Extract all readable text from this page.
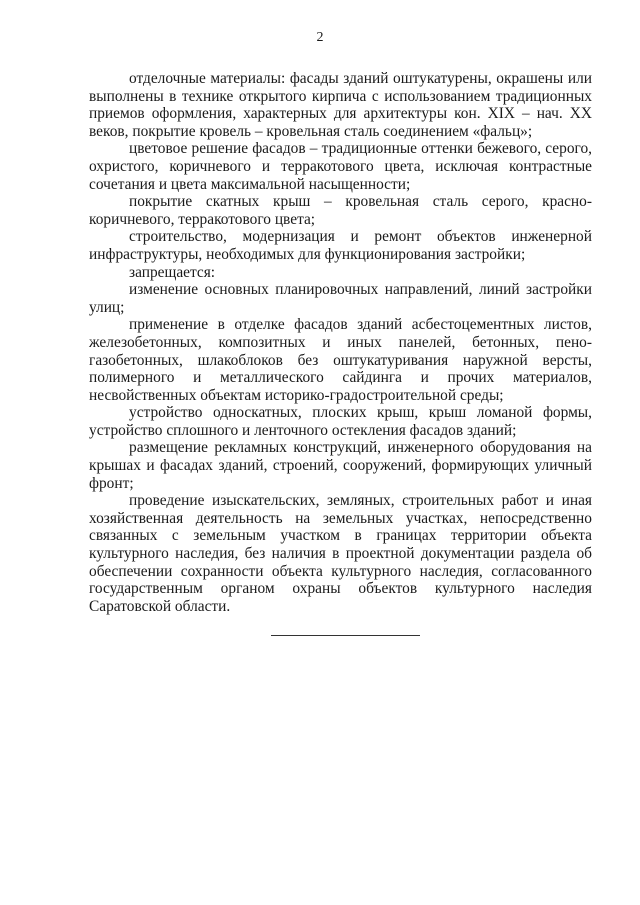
2

отделочные материалы: фасады зданий оштукатурены, окрашены или выполнены в технике открытого кирпича с использованием традиционных приемов оформления, характерных для архитектуры кон. XIX – нач. XX веков, покрытие кровель – кровельная сталь соединением «фальц»;

цветовое решение фасадов – традиционные оттенки бежевого, серого, охристого, коричневого и терракотового цвета, исключая контрастные сочетания и цвета максимальной насыщенности;

покрытие скатных крыш – кровельная сталь серого, красно-коричневого, терракотового цвета;

строительство, модернизация и ремонт объектов инженерной инфраструктуры, необходимых для функционирования застройки;

запрещается:

изменение основных планировочных направлений, линий застройки улиц;

применение в отделке фасадов зданий асбестоцементных листов, железобетонных, композитных и иных панелей, бетонных, пено-газобетонных, шлакоблоков без оштукатуривания наружной версты, полимерного и металлического сайдинга и прочих материалов, несвойственных объектам историко-градостроительной среды;

устройство односкатных, плоских крыш, крыш ломаной формы, устройство сплошного и ленточного остекления фасадов зданий;

размещение рекламных конструкций, инженерного оборудования на крышах и фасадах зданий, строений, сооружений, формирующих уличный фронт;

проведение изыскательских, земляных, строительных работ и иная хозяйственная деятельность на земельных участках, непосредственно связанных с земельным участком в границах территории объекта культурного наследия, без наличия в проектной документации раздела об обеспечении сохранности объекта культурного наследия, согласованного государственным органом охраны объектов культурного наследия Саратовской области.
